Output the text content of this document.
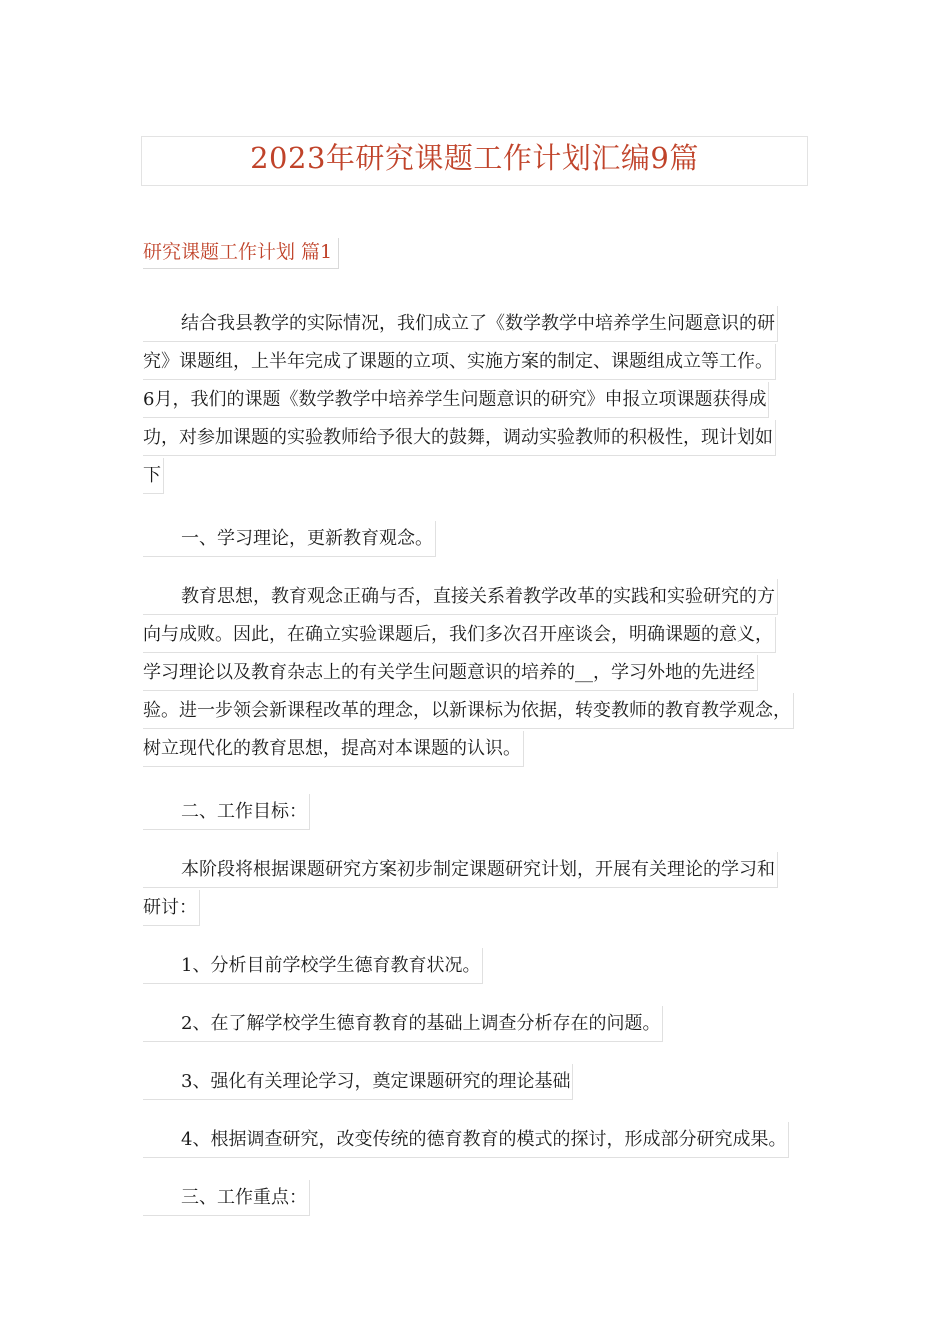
2023年研究课题工作计划汇编9篇
研究课题工作计划 篇1
结合我县教学的实际情况，我们成立了《数学教学中培养学生问题意识的研
究》课题组，上半年完成了课题的立项、实施方案的制定、课题组成立等工作。
6月，我们的课题《数学教学中培养学生问题意识的研究》申报立项课题获得成
功，对参加课题的实验教师给予很大的鼓舞，调动实验教师的积极性，现计划如
下
一、学习理论，更新教育观念。
教育思想，教育观念正确与否，直接关系着教学改革的实践和实验研究的方
向与成败。因此，在确立实验课题后，我们多次召开座谈会，明确课题的意义，
学习理论以及教育杂志上的有关学生问题意识的培养的__，学习外地的先进经
验。进一步领会新课程改革的理念，以新课标为依据，转变教师的教育教学观念，
树立现代化的教育思想，提高对本课题的认识。
二、工作目标：
本阶段将根据课题研究方案初步制定课题研究计划，开展有关理论的学习和
研讨：
1、分析目前学校学生德育教育状况。
2、在了解学校学生德育教育的基础上调查分析存在的问题。
3、强化有关理论学习，奠定课题研究的理论基础
4、根据调查研究，改变传统的德育教育的模式的探讨，形成部分研究成果。
三、工作重点：
